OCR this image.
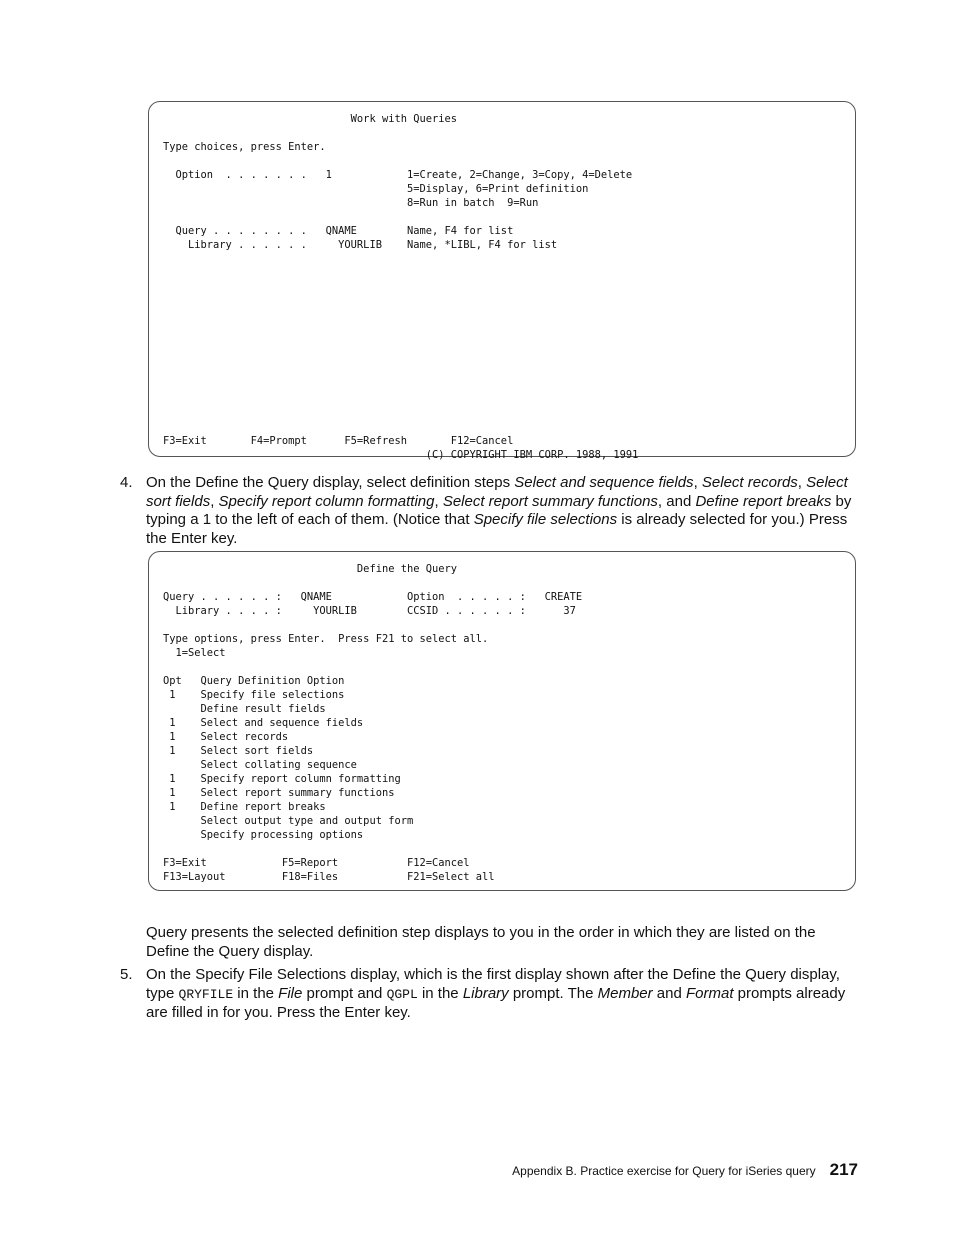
Work with Queries
Type choices, press Enter.
Option  . . . . . . .   1            1=Create, 2=Change, 3=Copy, 4=Delete
5=Display, 6=Print definition
8=Run in batch  9=Run
Query . . . . . . . .   QNAME        Name, F4 for list
Library . . . . . .     YOURLIB    Name, *LIBL, F4 for list
F3=Exit       F4=Prompt      F5=Refresh       F12=Cancel
(C) COPYRIGHT IBM CORP. 1988, 1991
4. On the Define the Query display, select definition steps Select and sequence fields, Select records, Select sort fields, Specify report column formatting, Select report summary functions, and Define report breaks by typing a 1 to the left of each of them. (Notice that Specify file selections is already selected for you.) Press the Enter key.
Define the Query
Query . . . . . . :   QNAME            Option  . . . . . :   CREATE
Library . . . . :     YOURLIB        CCSID . . . . . . :      37
Type options, press Enter.  Press F21 to select all.
1=Select
Opt   Query Definition Option
1    Specify file selections
Define result fields
1    Select and sequence fields
1    Select records
1    Select sort fields
Select collating sequence
1    Specify report column formatting
1    Select report summary functions
1    Define report breaks
Select output type and output form
Specify processing options
F3=Exit            F5=Report           F12=Cancel
F13=Layout         F18=Files           F21=Select all
Query presents the selected definition step displays to you in the order in which they are listed on the Define the Query display.
5. On the Specify File Selections display, which is the first display shown after the Define the Query display, type QRYFILE in the File prompt and QGPL in the Library prompt. The Member and Format prompts already are filled in for you. Press the Enter key.
Appendix B. Practice exercise for Query for iSeries query 217
